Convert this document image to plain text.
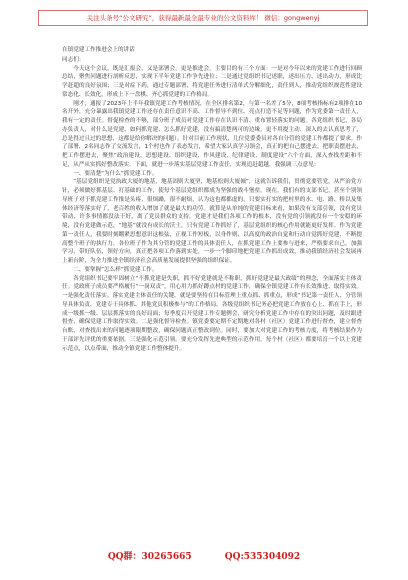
关注头条号“公文研究”，获得最新最全最专业的公文资料库！ 微信：gongwenyj

在镇党建工作推进会上的讲话

同志们：

今天这个会议，既是汇报会，又是部署会，更是推进会，主要目的有三个方面：一是对今年以来的党建工作进行回顾总结，聚焦问题进行剖析反思，实现下半年党建工作争先进位；二是通过党组织书记述职，述出压力、述出动力，形成比学赶超的良好氛围；三是对症下药，通过专题部署，将党建任务进行清单式分解细化，责任到人，推动党组织规范性建设常态化、长效化，形成上下一盘棋、齐心抓党建的工作格局。

刚才，通报了2023年上半年我镇党建工作考核情况，在全区排名第2，与第一名差了5分，8项考核指标有2项排在10名开外，充分暴露出我镇党建工作还存在责任意识不高、工作督导不到位、亮点打造不足等问题，作为党委第一责任人，我有一定的责任。督促检查的不够，部分班子成员对党建工作存在认识不清、重布置轻落实的问题。各党组织书记、各局办负责人，对什么是党建、如何抓党建、怎么抓好党建，没有搞清楚两可的边缘，更不用提主动、深入的去认真思考了，总是得过且过的思想，这都是给你解决的问题）。针对目前工作现状，几位党委委员对各自分管的党建工作都提了要求。作了部署，2名同志作了交流发言，1个村也作了表态发言，希望大家认真学习领会，真正的把自己摆进去，把职责摆进去，把工作摆进去，聚焦“政治建设、思想建设、组织建设、作风建设、纪律建设、制度建设”六个方面，深入查找差距和不足，从严从实抓好整改落实。下面，就进一步落实基层党建工作责任，实现追赶超越，我强调三点意见：

一、要清楚“为什么”抓党建工作。

“基层党组织是党执政大厦的地基，地基固则大厦坚，地基松则大厦倾”，这就告诉我们，贯彻党要管党，从严治党方针，必须做好抓基层、打基础的工作，使每个基层党组织都成为坚强的战斗堡垒。现在，我们有的支部书记，甚至个别领导班子对于抓党建工作推是头疼，很烦躁，很不耐烦，认为这也都都虚的，只要实打实的把村里的水、电、路、桥以及集体经济等落实好了，老百姓的收入增加了就是最大的功劳。就算是从单纯的党建目标来看，如果没有支部引领，没有党员带动，许多事情都没法干好，离了党员群众的支持，党建才是我们各项工作的根本，没有党的引领就没有一个安稳的环境，没有党建做示范，“地基”就没有成长的沃土，只有党建工作抓好了，基层党组织的核心作用就能更好发挥。作为党建第一责任人，我要时刻绷紧思想意识这根弦，正视工作短板，以身作则、以高度的政治自觉和行动自觉抓好党建，不断提高整个班子的执行力，各位班子作为其分管的党建工作的具体责任人，在抓党建工作上要参与进来，严格要求自己，加强学习，带好队伍，领好方向，真正把各项工作落到实处，一步一个脚印地把党建工作抓出成效，推动我镇经济社会发展再上新台阶，为全力推进全镇经济社会高质量发展提供坚强的组织保证。

二、要掌握“怎么样”抓党建工作。

各党组织书记要牢固树立“不抓党建是失职，抓不好党建就是不称职，抓好党建是最大政绩”的理念，全面落实主体责任。党政班子成员要严格履行“一岗双责”，用心用力抓好蹲点村的党建工作，确保全镇党建工作有长效推进、取得实效。一是强化责任落实。落实党建主体责任的关键，就是要坚持在目标管理上重点抓、抓重点，形成“书记第一责任人、分管领导具体负责、党建专干具体抓、其他党员积极参与”的工作格局。各级党组织书记务必把党建工作放在心上、抓在手上，形成一级抓一级、层层抓落实的良好局面；每季度召开党建工作专题例会，研究分析党建工作中存在的突出问题，及时跟进督查，确保党建工作取得实效。二是强化督导检查。镇党委要定期不定期地对各村（社区）党建工作进行督查，建立督查台账，对查找出来的问题逐项限期整改，确保问题真正整改到位。同时，要加大对党建工作的考核力度，将考核结果作为干部评先评优的重要依据。三是强化示范引领。要充分发挥先进典型的示范作用，每个村（社区）都要培育一个以上党建示范点，以点带面，推动全镇党建工作整体提升。

QQ群：30265665	QQ:535304092
